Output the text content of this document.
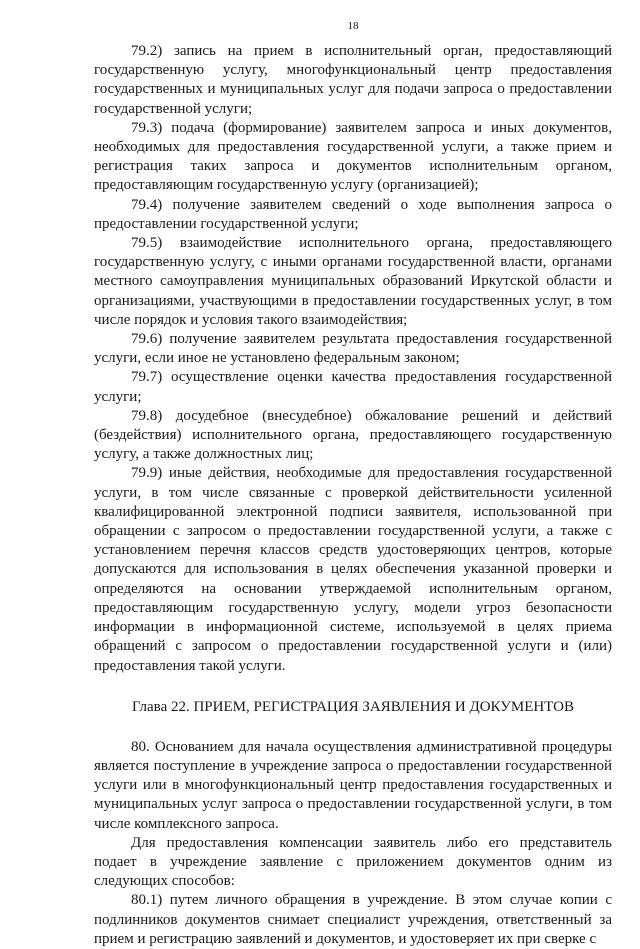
18

79.2) запись на прием в исполнительный орган, предоставляющий государственную услугу, многофункциональный центр предоставления государственных и муниципальных услуг для подачи запроса о предоставлении государственной услуги;

79.3) подача (формирование) заявителем запроса и иных документов, необходимых для предоставления государственной услуги, а также прием и регистрация таких запроса и документов исполнительным органом, предоставляющим государственную услугу (организацией);

79.4) получение заявителем сведений о ходе выполнения запроса о предоставлении государственной услуги;

79.5) взаимодействие исполнительного органа, предоставляющего государственную услугу, с иными органами государственной власти, органами местного самоуправления муниципальных образований Иркутской области и организациями, участвующими в предоставлении государственных услуг, в том числе порядок и условия такого взаимодействия;

79.6) получение заявителем результата предоставления государственной услуги, если иное не установлено федеральным законом;

79.7) осуществление оценки качества предоставления государственной услуги;

79.8) досудебное (внесудебное) обжалование решений и действий (бездействия) исполнительного органа, предоставляющего государственную услугу, а также должностных лиц;

79.9) иные действия, необходимые для предоставления государственной услуги, в том числе связанные с проверкой действительности усиленной квалифицированной электронной подписи заявителя, использованной при обращении с запросом о предоставлении государственной услуги, а также с установлением перечня классов средств удостоверяющих центров, которые допускаются для использования в целях обеспечения указанной проверки и определяются на основании утверждаемой исполнительным органом, предоставляющим государственную услугу, модели угроз безопасности информации в информационной системе, используемой в целях приема обращений с запросом о предоставлении государственной услуги и (или) предоставления такой услуги.

Глава 22. ПРИЕМ, РЕГИСТРАЦИЯ ЗАЯВЛЕНИЯ И ДОКУМЕНТОВ

80. Основанием для начала осуществления административной процедуры является поступление в учреждение запроса о предоставлении государственной услуги или в многофункциональный центр предоставления государственных и муниципальных услуг запроса о предоставлении государственной услуги, в том числе комплексного запроса.

Для предоставления компенсации заявитель либо его представитель подает в учреждение заявление с приложением документов одним из следующих способов:

80.1) путем личного обращения в учреждение. В этом случае копии с подлинников документов снимает специалист учреждения, ответственный за прием и регистрацию заявлений и документов, и удостоверяет их при сверке с
